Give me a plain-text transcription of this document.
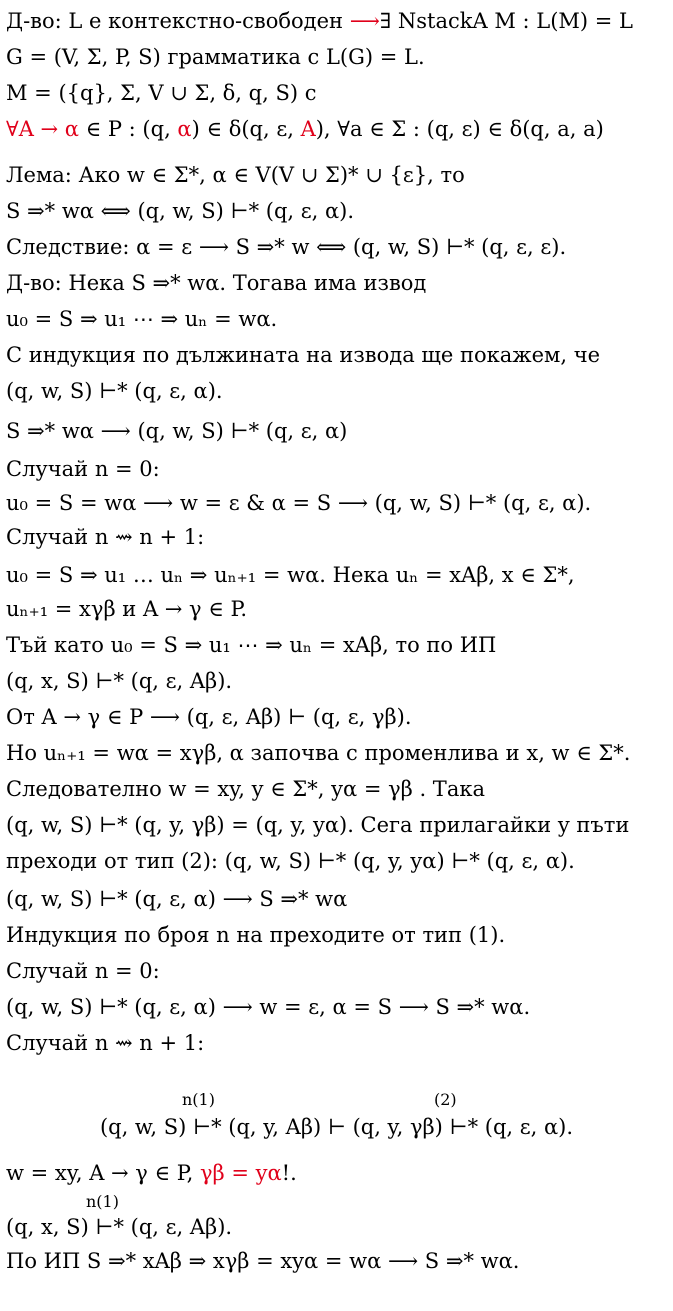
Д-во: L е контекстно-свободен ⟶∃ NstackA M : L(M) = L
G = (V, Σ, P, S) грамматика с L(G) = L.
M = ({q}, Σ, V ∪ Σ, δ, q, S) с
∀A → α ∈ P : (q, α) ∈ δ(q, ε, A), ∀a ∈ Σ : (q, ε) ∈ δ(q, a, a)
Лема: Ако w ∈ Σ*, α ∈ V(V ∪ Σ)* ∪ {ε}, то
S ⇒* wα ⟺ (q, w, S) ⊢* (q, ε, α).
Следствие: α = ε ⟶ S ⇒* w ⟺ (q, w, S) ⊢* (q, ε, ε).
Д-во: Нека S ⇒* wα. Тогава има извод
u₀ = S ⇒ u₁ ⋯ ⇒ uₙ = wα.
С индукция по дължината на извода ще покажем, че
(q, w, S) ⊢* (q, ε, α).
S ⇒* wα ⟶ (q, w, S) ⊢* (q, ε, α)
Случай n = 0:
u₀ = S = wα ⟶ w = ε & α = S ⟶ (q, w, S) ⊢* (q, ε, α).
Случай n ⇝ n + 1:
u₀ = S ⇒ u₁ … uₙ ⇒ uₙ₊₁ = wα. Нека uₙ = xAβ, x ∈ Σ*,
uₙ₊₁ = xγβ и A → γ ∈ P.
Тъй като u₀ = S ⇒ u₁ ⋯ ⇒ uₙ = xAβ, то по ИП
(q, x, S) ⊢* (q, ε, Aβ).
От A → γ ∈ P ⟶ (q, ε, Aβ) ⊢ (q, ε, γβ).
Но uₙ₊₁ = wα = xγβ, α започва с променлива и x, w ∈ Σ*.
Следователно w = xy, y ∈ Σ*, yα = γβ . Така
(q, w, S) ⊢* (q, y, γβ) = (q, y, yα). Сега прилагайки y пъти
преходи от тип (2): (q, w, S) ⊢* (q, y, yα) ⊢* (q, ε, α).
(q, w, S) ⊢* (q, ε, α) ⟶ S ⇒* wα
Индукция по броя n на преходите от тип (1).
Случай n = 0:
(q, w, S) ⊢* (q, ε, α) ⟶ w = ε, α = S ⟶ S ⇒* wα.
Случай n ⇝ n + 1:
n(1)	(2)
(q, w, S) ⊢* (q, y, Aβ) ⊢ (q, y, γβ) ⊢* (q, ε, α).
w = xy, A → γ ∈ P, γβ = yα!.
n(1)
(q, x, S) ⊢* (q, ε, Aβ).
По ИП S ⇒* xAβ ⇒ xγβ = xyα = wα ⟶ S ⇒* wα.
